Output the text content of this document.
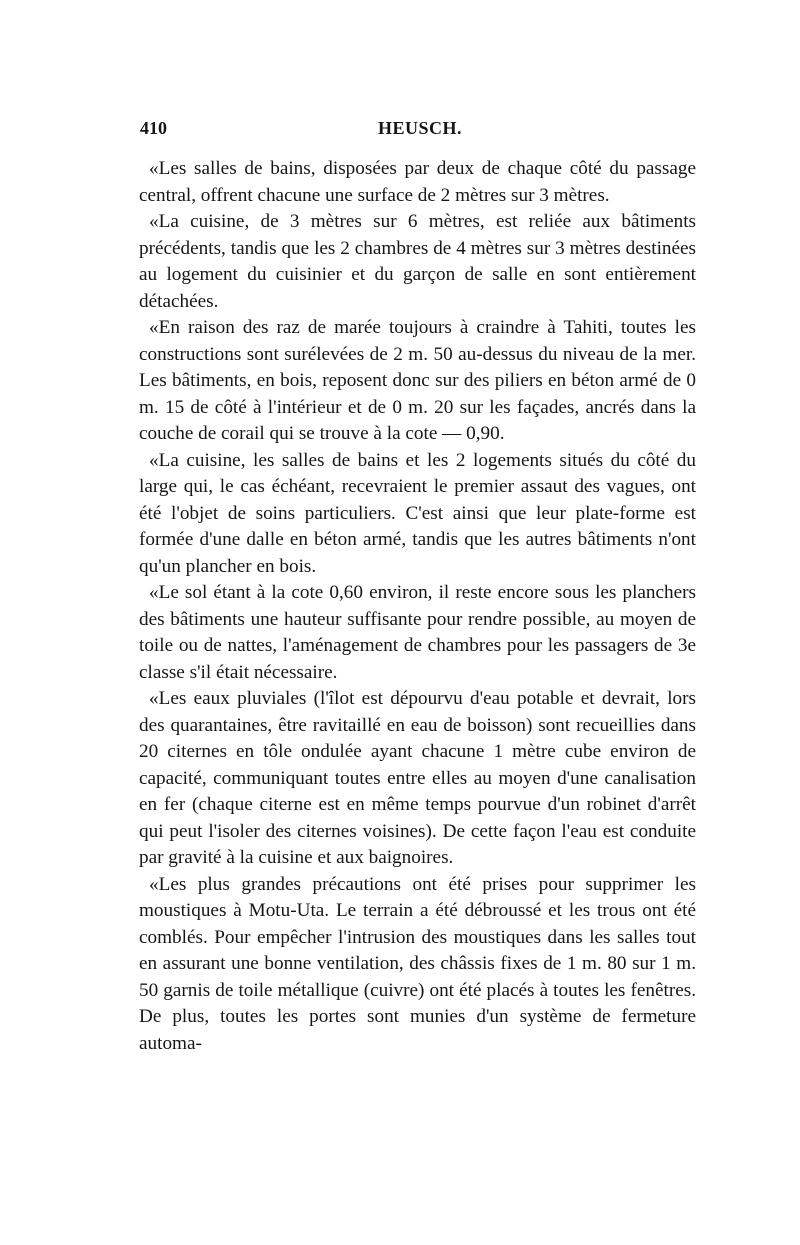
410	HEUSCH.

«Les salles de bains, disposées par deux de chaque côté du passage central, offrent chacune une surface de 2 mètres sur 3 mètres.

«La cuisine, de 3 mètres sur 6 mètres, est reliée aux bâtiments précédents, tandis que les 2 chambres de 4 mètres sur 3 mètres destinées au logement du cuisinier et du garçon de salle en sont entièrement détachées.

«En raison des raz de marée toujours à craindre à Tahiti, toutes les constructions sont surélevées de 2 m. 50 au-dessus du niveau de la mer. Les bâtiments, en bois, reposent donc sur des piliers en béton armé de 0 m. 15 de côté à l'intérieur et de 0 m. 20 sur les façades, ancrés dans la couche de corail qui se trouve à la cote — 0,90.

«La cuisine, les salles de bains et les 2 logements situés du côté du large qui, le cas échéant, recevraient le premier assaut des vagues, ont été l'objet de soins particuliers. C'est ainsi que leur plate-forme est formée d'une dalle en béton armé, tandis que les autres bâtiments n'ont qu'un plancher en bois.

«Le sol étant à la cote 0,60 environ, il reste encore sous les planchers des bâtiments une hauteur suffisante pour rendre possible, au moyen de toile ou de nattes, l'aménagement de chambres pour les passagers de 3e classe s'il était nécessaire.

«Les eaux pluviales (l'îlot est dépourvu d'eau potable et devrait, lors des quarantaines, être ravitaillé en eau de boisson) sont recueillies dans 20 citernes en tôle ondulée ayant chacune 1 mètre cube environ de capacité, communiquant toutes entre elles au moyen d'une canalisation en fer (chaque citerne est en même temps pourvue d'un robinet d'arrêt qui peut l'isoler des citernes voisines). De cette façon l'eau est conduite par gravité à la cuisine et aux baignoires.

«Les plus grandes précautions ont été prises pour supprimer les moustiques à Motu-Uta. Le terrain a été débroussé et les trous ont été comblés. Pour empêcher l'intrusion des moustiques dans les salles tout en assurant une bonne ventilation, des châssis fixes de 1 m. 80 sur 1 m. 50 garnis de toile métallique (cuivre) ont été placés à toutes les fenêtres. De plus, toutes les portes sont munies d'un système de fermeture automa-
